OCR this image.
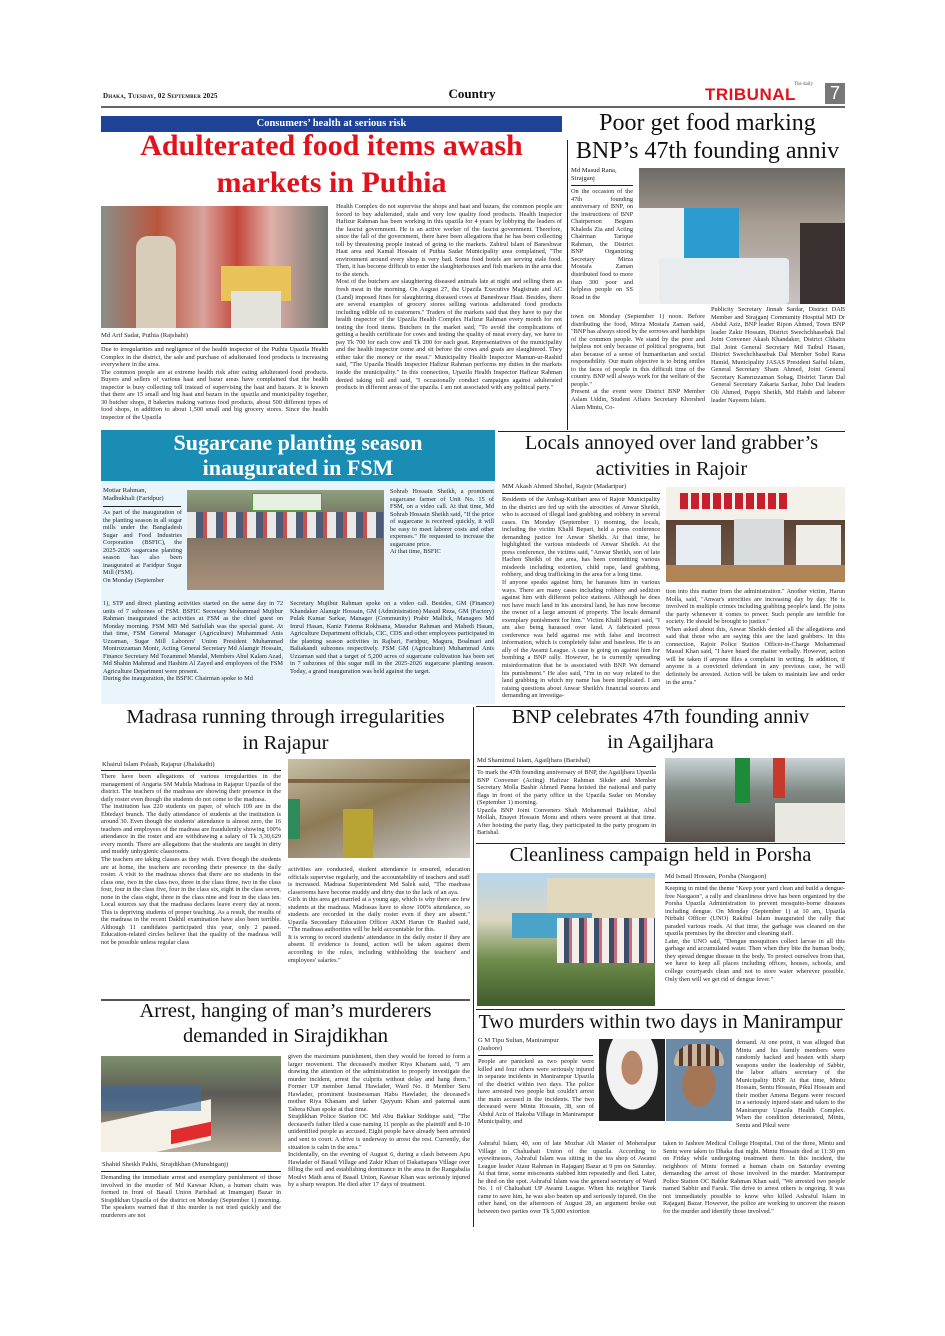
Dhaka, Tuesday, 02 September 2025	Country
The daily
TRIBUNAL 7
Consumers’ health at serious risk
Adulterated food items awash
markets in Puthia
Md Arif Sadat, Puthia (Rajshahi)

Due to irregularities and negligence of the health inspector of the Puthia Upazila Health Complex in the district, the sale and purchase of adulterated food products is increasing everywhere in the area.

The common people are at extreme health risk after eating adulterated food products. Buyers and sellers of various haat and bazar areas have complained that the health inspector is busy collecting toll instead of supervising the haat and bazars. It is known that there are 15 small and big haat and bazars in the upazila and municipality together, 30 butcher shops, 8 bakeries making various food products, about 500 different types of food shops, in addition to about 1,500 small and big grocery stores. Since the health inspector of the Upazila

Health Complex do not supervise the shops and haat and bazars, the common people are forced to buy adulterated, stale and very low quality food products. Health Inspector Hafizur Rahman has been working in this upazila for 4 years by lobbying the leaders of the fascist government. He is an active worker of the fascist government. Therefore, since the fall of the government, there have been allegations that he has been collecting toll by threatening people instead of going to the markets. Zahirul Islam of Baneshwar Haat area and Kamal Hossain of Puthia Sadar Municipality area complained, "The environment around every shop is very bad. Some food hotels are serving stale food. Then, it has become difficult to enter the slaughterhouses and fish markets in the area due to the stench.

Most of the butchers are slaughtering diseased animals late at night and selling them as fresh meat in the morning. On August 27, the Upazila Executive Magistrate and AC (Land) imposed fines for slaughtering diseased cows at Baneshwar Haat. Besides, there are several examples of grocery stores selling various adulterated food products including edible oil to customers." Traders of the markets said that they have to pay the health inspector of the Upazila Health Complex Hafizur Rahman every month for not testing the food items. Butchers in the market said, "To avoid the complications of getting a health certificate for cows and testing the quality of meat every day, we have to pay Tk 700 for each cow and Tk 200 for each goat. Representatives of the municipality and the health inspector come and sit before the cows and goats are slaughtered. They either take the money or the meat." Municipality Health Inspector Mamun-ur-Rashid said, "The Upazila Health Inspector Hafizur Rahman performs my duties in the markets inside the municipality." In this connection, Upazila Health Inspector Hafizur Rahman denied taking toll and said, "I occasionally conduct campaigns against adulterated products in different areas of the upazila. I am not associated with any political party."

Poor get food marking
BNP’s 47th founding anniv
Md Masud Rana,
Sirajganj

On the occasion of the 47th founding anniversary of BNP, on the instructions of BNP Chairperson Begum Khaleda Zia and Acting Chairman Tarique Rahman, the District BNP Organizing Secretary Mirza Mostafa Zaman distributed food to more than 300 poor and helpless people on SS Road in the

town on Monday (September 1) noon. Before distributing the food, Mirza Mostafa Zaman said, "BNP has always stood by the sorrows and hardships of the common people. We stand by the poor and helpless not only because of political programs, but also because of a sense of humanitarian and social responsibility. Our main objective is to bring smiles to the faces of people in this difficult time of the country. BNP will always work for the welfare of the people."

Present at the event were District BNP Member Aslam Uddin, Student Affairs Secretary Khorshed Alam Mintu, Co-

Publicity Secretary Jinnah Sardar, District DAB Member and Sirajganj Community Hospital MD Dr Abdul Aziz, BNP leader Ripon Ahmed, Town BNP leader Zakir Hossain, District Swechchhasebak Dal Joint Convener Akash Khandaker, District Chhatra Dal Joint General Secretary Md Taibul Hasan, District Swechchhasebak Dal Member Sohel Rana Hamid, Municipality JASAS President Saiful Islam, General Secretary Sham Ahmed, Joint General Secretary Kamruzzaman Sohag, District Tarun Dal General Secretary Zakaria Sarkar, Jubo Dal leaders Oli Ahmed, Pappu Sheikh, Md Habib and laborer leader Nayeem Islam.

Sugarcane planting season
inaugurated in FSM
Motiar Rahman,
Madhukhali (Faridpur)

As part of the inauguration of the planting season in all sugar mills under the Bangladesh Sugar and Food Industries Corporation (BSFIC), the 2025-2026 sugarcane planting season has also been inaugurated at Faridpur Sugar Mill (FSM).

On Monday (September

Sohrab Hossain Sheikh, a prominent sugarcane farmer of Unit No. 15 of FSM, on a video call. At that time, Md Sohrab Hossain Sheikh said, "If the price of sugarcane is received quickly, it will be easy to meet laborer costs and other expenses." He requested to increase the sugarcane price.

At that time, BSFIC

1), STP and direct planting activities started on the same day in 72 units of 7 subzones of FSM. BSFIC Secretary Mohammad Mujibur Rahman inaugurated the activities at FSM as the chief guest on Monday morning. FSM MD Md Saifullah was the special guest. At that time, FSM General Manager (Agriculture) Muhammad Anis Uzzaman, Sugar Mill Laborers' Union President Muhammad Moniruzzaman Monir, Acting General Secretary Md Alamgir Hossain, Finance Secretary Md Tozammel Mandal, Members Abul Kalam Azad, Md Shahin Mahmud and Hashim Al Zayed and employees of the FSM Agriculture Department were present.

During the inauguration, the BSFIC Chairman spoke to Md

Secretary Mujibur Rahman spoke on a video call. Besides, GM (Finance) Khandaker Alamgir Hossain, GM (Administration) Masud Reza, GM (Factory) Pulak Kumar Sarkar, Manager (Community) Prabir Mallick, Managers Md Imrul Hasan, Kaniz Fatema Rokhsana, Masudur Rahman and Mahedi Hasan, Agriculture Department officials, CIC, CDS and other employees participated in the planting season activities in Rajbari, Faridpur, Magura, Boalmari and Baliakandi subzones respectively. FSM GM (Agriculture) Muhammad Anis Uzzaman said that a target of 5,200 acres of sugarcane cultivation has been set in 7 subzones of this sugar mill in the 2025-2026 sugarcane planting season. Today, a grand inauguration was held against the target.

Locals annoyed over land grabber’s
activities in Rajoir
MM Akash Ahmed Shohel, Rajoir (Madaripur)

Residents of the Ambag-Kutibari area of Rajoir Municipality in the district are fed up with the atrocities of Anwar Sheikh, who is accused of illegal land grabbing and robbery in several cases. On Monday (September 1) morning, the locals, including the victim Khalil Bepari, held a press conference demanding justice for Anwar Sheikh. At that time, he highlighted the various misdeeds of Anwar Sheikh. At the press conference, the victims said, "Anwar Sheikh, son of late Hachen Sheikh of the area, has been committing various misdeeds including extortion, child rape, land grabbing, robbery, and drug trafficking in the area for a long time.

If anyone speaks against him, he harasses him in various ways. There are many cases including robbery and sedition against him with different police stations. Although he does not have much land in his ancestral land, he has now become the owner of a large amount of property. The locals demand exemplary punishment for him." Victim Khalil Bepari said, "I am also being harassed over land. A fabricated press conference was held against me with false and incorrect information, which is completely false and baseless. He is an ally of the Awami League. A case is going on against him for bombing a BNP rally. However, he is currently spreading misinformation that he is associated with BNP. We demand his punishment." He also said, "I'm in no way related to the land grabbing in which my name has been implicated. I am raising questions about Anwar Sheikh's financial sources and demanding an investiga-

tion into this matter from the administration." Another victim, Harun Molla, said, "Anwar's atrocities are increasing day by day. He is involved in multiple crimes including grabbing people's land. He joins the party whenever it comes to power. Such people are terrible for society. He should be brought to justice."

When asked about this, Anwar Sheikh denied all the allegations and said that those who are saying this are the land grabbers. In this connection, Rajoir Police Station Officer-in-Charge Mohammad Masud Khan said, "I have heard the matter verbally. However, action will be taken if anyone files a complaint in writing. In addition, if anyone is a convicted defendant in any previous case, he will definitely be arrested. Action will be taken to maintain law and order in the area."

Madrasa running through irregularities
in Rajapur
Khairul Islam Polash, Rajapur (Jhalakathi)

There have been allegations of various irregularities in the management of Angaria SM Mahila Madrasa in Rajapur Upazila of the district. The teachers of the madrasa are showing their presence in the daily roster even though the students do not come to the madrasa.

The institution has 220 students on paper, of which 109 are in the Ebtedayi branch. The daily attendance of students at the institution is around 30. Even though the students' attendance is almost zero, the 16 teachers and employees of the madrasa are fraudulently showing 100% attendance in the roster and are withdrawing a salary of Tk 3,30,629 every month. There are allegations that the students are taught in dirty and muddy unhygienic classrooms.

The teachers are taking classes as they wish. Even though the students are at home, the teachers are recording their presence in the daily roster. A visit to the madrasa shows that there are no students in the class one, two in the class two, three in the class three, two in the class four, four in the class five, four in the class six, eight in the class seven, none in the class eight, three in the class nine and four in the class ten. Local sources say that the madrasa declares leave every day at noon. This is depriving students of proper teaching. As a result, the results of the madrasa in the recent Dakhil examination have also been terrible. Although 11 candidates participated this year, only 2 passed. Education-related circles believe that the quality of the madrasa will not be possible unless regular class

activities are conducted, student attendance is ensured, education officials supervise regularly, and the accountability of teachers and staff is increased. Madrasa Superintendent Md Salek said, "The madrasa classrooms have become muddy and dirty due to the lack of an aya.

Girls in this area get married at a young age, which is why there are few students at the madrasa. Madrasas have to show 100% attendance, so students are recorded in the daily roster even if they are absent." Upazila Secondary Education Officer AKM Harun Or Rashid said, "The madrasa authorities will be held accountable for this.

It is wrong to record students' attendance in the daily roster if they are absent. If evidence is found, action will be taken against them according to the rules, including withholding the teachers' and employees' salaries."

BNP celebrates 47th founding anniv
in Agailjhara
Md Shamimul Islam, Agailjhara (Barishal)

To mark the 47th founding anniversary of BNP, the Agailjhara Upazila BNP Convener (Acting) Hafizur Rahman Sikder and Member Secretary Molla Bashir Ahmed Panna hoisted the national and party flags in front of the party office in the Upazila Sadar on Monday (September 1) morning.

Upazila BNP Joint Conveners Shah Mohammad Bakhtiar, Abul Mollah, Enayet Hossain Monu and others were present at that time. After hoisting the party flag, they participated in the party program in Barishal.

Cleanliness campaign held in Porsha
Md Ismail Hossain, Porsha (Naogaon)

Keeping in mind the theme "Keep your yard clean and build a dengue-free Naogaon", a rally and cleanliness drive has been organized by the Porsha Upazila Administration to prevent mosquito-borne diseases including dengue. On Monday (September 1) at 10 am, Upazila Nirbahi Officer (UNO) Rakibul Islam inaugurated the rally that paraded various roads. At that time, the garbage was cleaned on the upazila premises by the director and cleaning staff.

Later, the UNO said, "Dengue mosquitoes collect larvae in all this garbage and accumulated water. Then when they bite the human body, they spread dengue disease in the body. To protect ourselves from that, we have to keep all places including offices, houses, schools, and college courtyards clean and not to store water wherever possible. Only then will we get rid of dengue fever."

Arrest, hanging of man’s murderers
demanded in Sirajdikhan
Shahid Sheikh Pakhi, Sirajdikhan (Munshiganj)

Demanding the immediate arrest and exemplary punishment of those involved in the murder of Md Kawsar Khan, a human chain was formed in front of Basail Union Parishad at Imamganj Bazar in Sirajdikhan Upazila of the district on Monday (September 1) morning. The speakers warned that if this murder is not tried quickly and the murderers are not

given the maximum punishment, then they would be forced to form a larger movement. The deceased's mother Riya Khanam said, "I am drawing the attention of the administration to properly investigate the murder incident, arrest the culprits without delay and hang them." Former UP member Jamal Hawlader, Ward No. 8 Member Seru Hawlader, prominent businessman Habu Hawlader, the deceased's mother Riya Khanam and father Qayyum Khan and paternal aunt Tahera Khan spoke at that time.

Sirajdikhan Police Station OC Md Abu Bakkar Siddique said, "The deceased's father filed a case naming 11 people as the plaintiff and 8-10 unidentified people as accused. Eight people have already been arrested and sent to court. A drive is underway to arrest the rest. Currently, the situation is calm in the area."

Incidentally, on the evening of August 6, during a clash between Apu Hawlader of Basail Village and Zakir Khan of Dakatiapara Village over filling the soil and establishing dominance in the area in the Rangabalia Moulvi Math area of Basail Union, Kawsar Khan was seriously injured by a sharp weapon. He died after 17 days of treatment.

Two murders within two days in Manirampur
G M Tipu Sultan, Manirampur
(Jashore)

People are panicked as two people were killed and four others were seriously injured in separate incidents in Manirampur Upazila of the district within two days. The police have arrested two people but couldn't arrest the main accused in the incidents. The two deceased were Mintu Hossain, 38, son of Abdul Aziz of Hakoba Village in Manirampur Municipality, and

demand. At one point, it was alleged that Mintu and his family members were randomly hacked and beaten with sharp weapons under the leadership of Sabbir, the labor affairs secretary of the Municipality BNP. At that time, Mintu Hossain, Sentu Hossain, Pikul Hossain and their mother Amena Begum were rescued in a seriously injured state and taken to the Manirampur Upazila Health Complex. When the condition deteriorated, Mintu, Sentu and Pikul were

Ashraful Islam, 40, son of late Mozhar Ali Master of Moheralpur Village in Chaluahati Union of the upazila. According to eyewitnesses, Ashraful Islam was sitting in the tea shop of Awami League leader Ataur Rahman in Rajaganj Bazar at 9 pm on Saturday. At that time, some miscreants stabbed him repeatedly and fled. Later, he died on the spot. Ashraful Islam was the general secretary of Ward No. 1 of Chaluahati UP Awami League. When his neighbor Tarek came to save him, he was also beaten up and seriously injured. On the other hand, on the afternoon of August 28, an argument broke out between two parties over Tk 5,000 extortion

taken to Jashore Medical College Hospital. Out of the three, Mintu and Sentu were taken to Dhaka that night. Mintu Hossain died at 11:30 pm on Friday while undergoing treatment there. In this incident, the neighbors of Mintu formed a human chain on Saturday evening demanding the arrest of those involved in the murder. Manirampur Police Station OC Bablur Rahman Khan said, "We arrested two people named Sabbir and Faruk. The drive to arrest others is ongoing. It was not immediately possible to know who killed Ashraful Islam in Rajaganj Bazar. However, the police are working to uncover the reason for the murder and identify those involved."
